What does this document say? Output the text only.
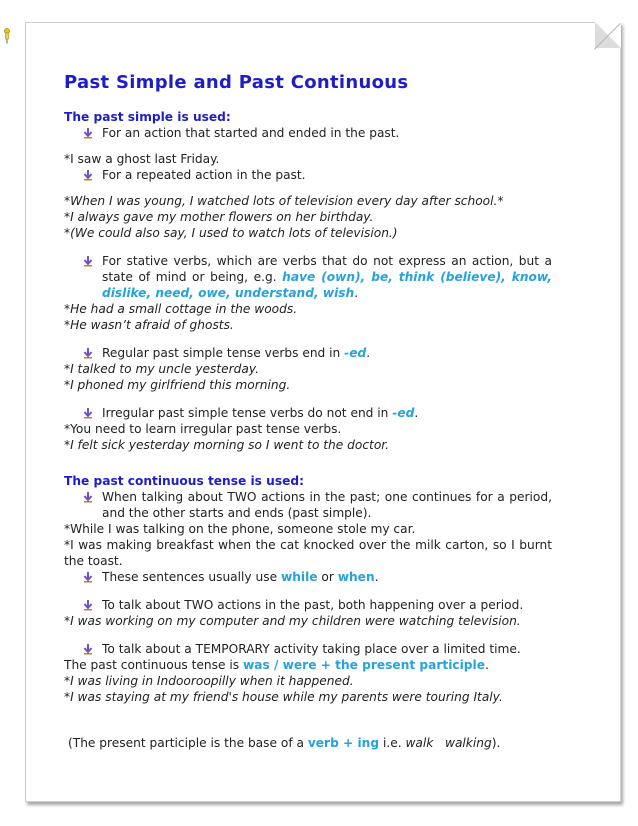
Past Simple and Past Continuous

The past simple is used:

For an action that started and ended in the past.

*I saw a ghost last Friday.

For a repeated action in the past.

*When I was young, I watched lots of television every day after school.*

*I always gave my mother flowers on her birthday.

*(We could also say, I used to watch lots of television.)

For stative verbs, which are verbs that do not express an action, but a state of mind or being, e.g. have (own), be, think (believe), know, dislike, need, owe, understand, wish.

*He had a small cottage in the woods.

*He wasn’t afraid of ghosts.

Regular past simple tense verbs end in -ed.

*I talked to my uncle yesterday.

*I phoned my girlfriend this morning.

Irregular past simple tense verbs do not end in -ed.

*You need to learn irregular past tense verbs.

*I felt sick yesterday morning so I went to the doctor.

The past continuous tense is used:

When talking about TWO actions in the past; one continues for a period, and the other starts and ends (past simple).

*While I was talking on the phone, someone stole my car.

*I was making breakfast when the cat knocked over the milk carton, so I burnt the toast.

These sentences usually use while or when.

To talk about TWO actions in the past, both happening over a period.

*I was working on my computer and my children were watching television.

To talk about a TEMPORARY activity taking place over a limited time.

The past continuous tense is was / were + the present participle.

*I was living in Indooroopilly when it happened.

*I was staying at my friend's house while my parents were touring Italy.

(The present participle is the base of a verb + ing i.e. walk walking).
